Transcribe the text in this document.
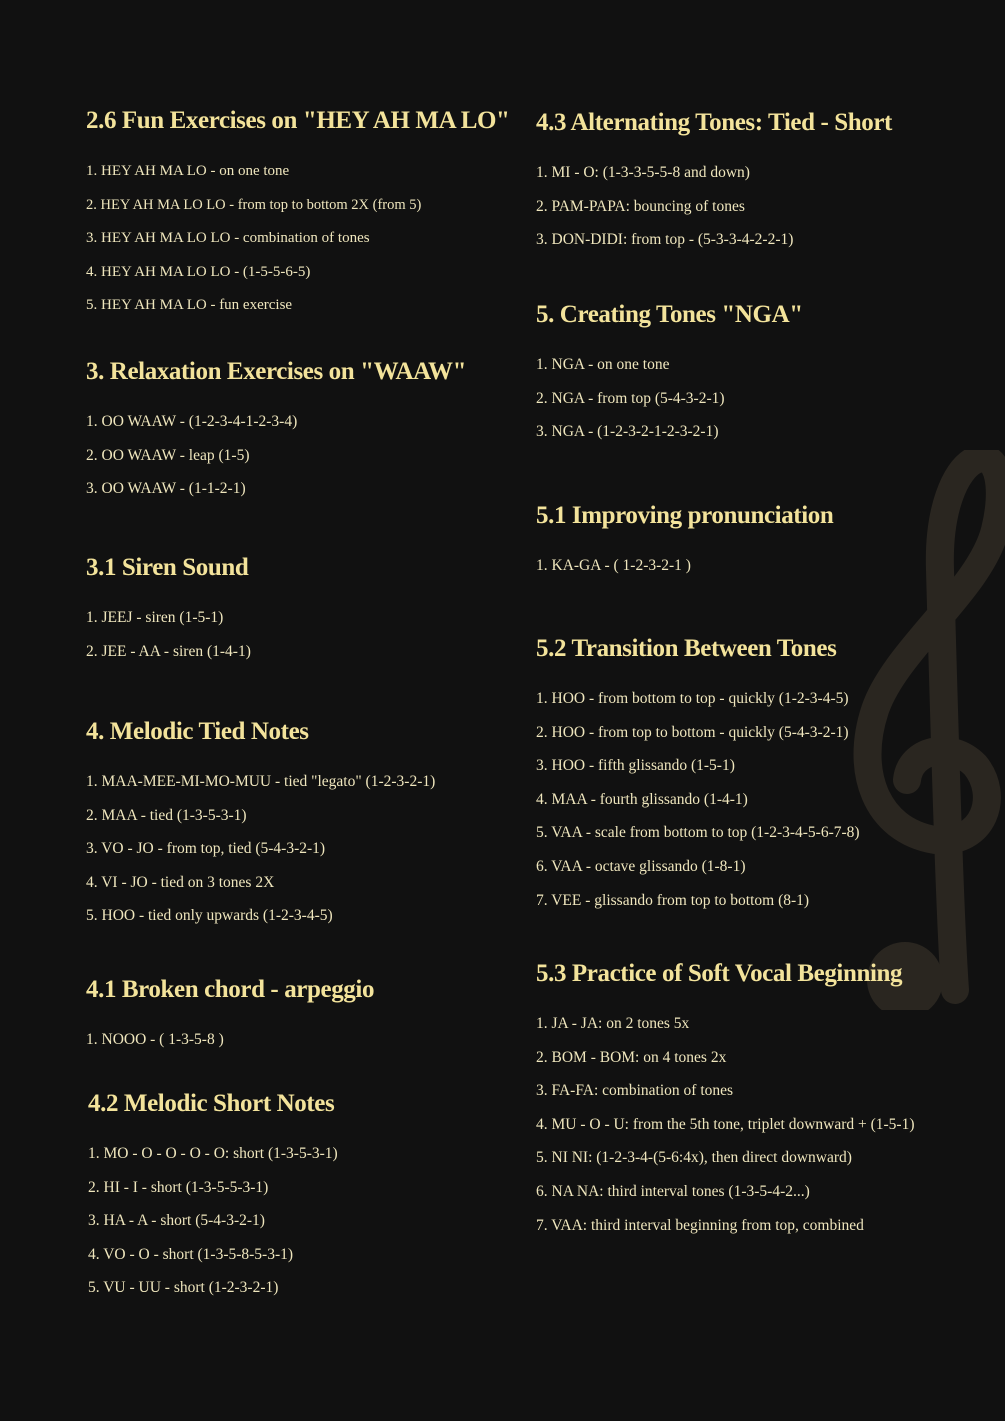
2.6 Fun Exercises on "HEY AH MA LO"
1. HEY AH MA LO - on one tone
2. HEY AH MA LO LO - from top to bottom 2X (from 5)
3. HEY AH MA LO LO - combination of tones
4. HEY AH MA LO LO - (1-5-5-6-5)
5. HEY AH MA LO - fun exercise
3. Relaxation Exercises on "WAAW"
1. OO WAAW - (1-2-3-4-1-2-3-4)
2. OO WAAW - leap (1-5)
3. OO WAAW - (1-1-2-1)
3.1 Siren Sound
1. JEEJ - siren (1-5-1)
2. JEE - AA - siren (1-4-1)
4. Melodic Tied Notes
1. MAA-MEE-MI-MO-MUU - tied "legato" (1-2-3-2-1)
2. MAA - tied (1-3-5-3-1)
3. VO - JO - from top, tied (5-4-3-2-1)
4. VI - JO - tied on 3 tones 2X
5. HOO - tied only upwards (1-2-3-4-5)
4.1 Broken chord - arpeggio
1. NOOO - ( 1-3-5-8 )
4.2 Melodic Short Notes
1. MO - O - O - O - O: short (1-3-5-3-1)
2. HI - I - short (1-3-5-5-3-1)
3. HA - A - short (5-4-3-2-1)
4. VO - O - short (1-3-5-8-5-3-1)
5. VU - UU - short (1-2-3-2-1)
4.3 Alternating Tones: Tied - Short
1. MI - O: (1-3-3-5-5-8 and down)
2. PAM-PAPA: bouncing of tones
3. DON-DIDI: from top - (5-3-3-4-2-2-1)
5. Creating Tones "NGA"
1. NGA - on one tone
2. NGA - from top (5-4-3-2-1)
3. NGA - (1-2-3-2-1-2-3-2-1)
5.1 Improving pronunciation
1. KA-GA - ( 1-2-3-2-1 )
5.2 Transition Between Tones
1. HOO - from bottom to top - quickly (1-2-3-4-5)
2. HOO - from top to bottom - quickly (5-4-3-2-1)
3. HOO - fifth glissando (1-5-1)
4. MAA - fourth glissando (1-4-1)
5. VAA - scale from bottom to top (1-2-3-4-5-6-7-8)
6. VAA - octave glissando (1-8-1)
7. VEE - glissando from top to bottom (8-1)
5.3 Practice of Soft Vocal Beginning
1. JA - JA: on 2 tones 5x
2. BOM - BOM: on 4 tones 2x
3. FA-FA: combination of tones
4. MU - O - U: from the 5th tone, triplet downward + (1-5-1)
5. NI NI: (1-2-3-4-(5-6:4x), then direct downward)
6. NA NA: third interval tones (1-3-5-4-2...)
7. VAA: third interval beginning from top, combined
